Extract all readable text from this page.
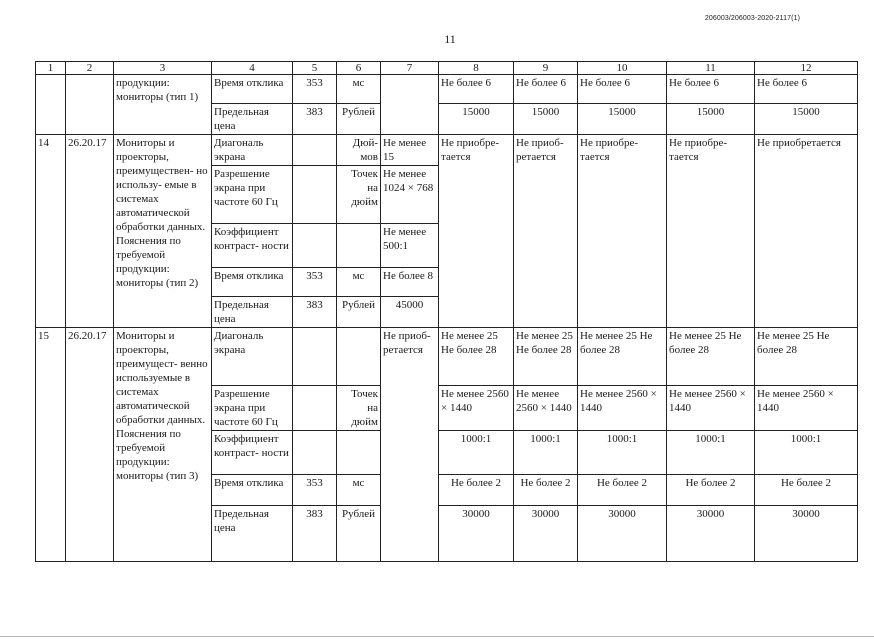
206003/206003-2020-2117(1)
11
1	2	3	4	5	6	7	8	9	10	11	12
		продукции: мониторы (тип 1)	Время отклика	353	мс		Не более 6	Не более 6	Не более 6	Не более 6	Не более 6
			Предельная цена	383	Рублей		15000	15000	15000	15000	15000
14	26.20.17	Мониторы и проекторы, преимуществен- но использу- емые в системах автоматической обработки данных. Пояснения по требуемой продукции: мониторы (тип 2)	Диагональ экрана		Дюй- мов	Не менее 15	Не приобре- тается	Не приоб- ретается	Не приобре- тается	Не приобре- тается	Не приобретается
			Разрешение экрана при частоте 60 Гц		Точек на дюйм	Не менее 1024 × 768					
			Коэффициент контраст- ности			Не менее 500:1					
			Время отклика	353	мс	Не более 8					
			Предельная цена	383	Рублей	45000					
15	26.20.17	Мониторы и проекторы, преимущест- венно используемые в системах автоматической обработки данных. Пояснения по требуемой продукции: мониторы (тип 3)	Диагональ экрана			Не приоб- ретается	Не менее 25 Не более 28	Не менее 25 Не более 28	Не менее 25 Не более 28	Не менее 25 Не более 28	Не менее 25 Не более 28
			Разрешение экрана при частоте 60 Гц		Точек на дюйм		Не менее 2560 × 1440	Не менее 2560 × 1440	Не менее 2560 × 1440	Не менее 2560 × 1440	Не менее 2560 × 1440
			Коэффициент контраст- ности				1000:1	1000:1	1000:1	1000:1	1000:1
			Время отклика	353	мс		Не более 2	Не более 2	Не более 2	Не более 2	Не более 2
			Предельная цена	383	Рублей		30000	30000	30000	30000	30000
